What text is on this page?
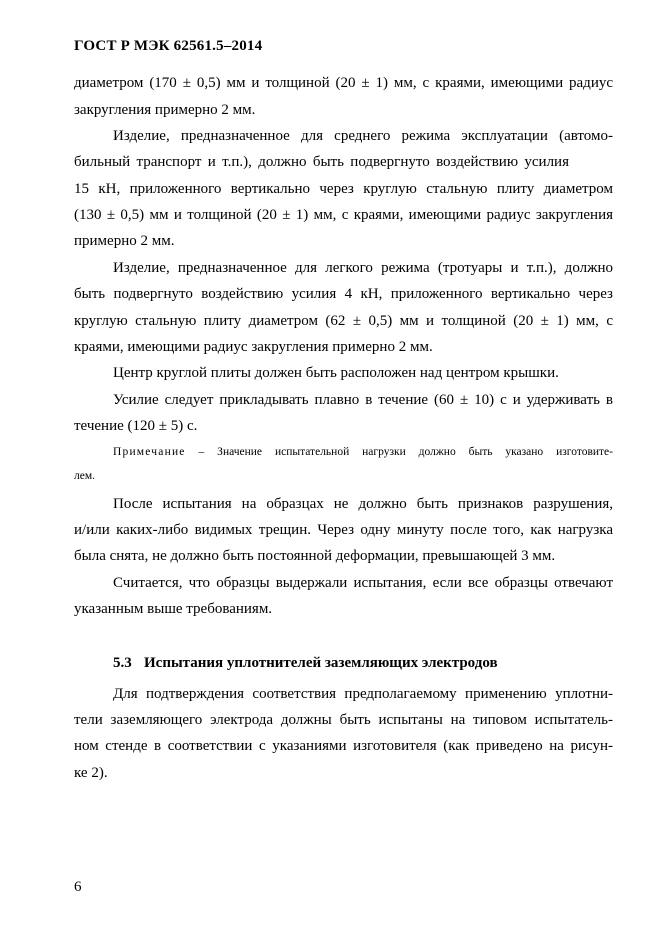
ГОСТ Р МЭК 62561.5–2014
диаметром (170 ± 0,5) мм и толщиной (20 ± 1) мм, с краями, имеющими радиус
закругления примерно 2 мм.
Изделие, предназначенное для среднего режима эксплуатации (автомо-
бильный транспорт и т.п.), должно быть подвергнуто воздействию усилия
15 кН, приложенного вертикально через круглую стальную плиту диаметром
(130 ± 0,5) мм и толщиной (20 ± 1) мм, с краями, имеющими радиус закругления
примерно 2 мм.
Изделие, предназначенное для легкого режима (тротуары и т.п.), должно
быть подвергнуто воздействию усилия 4 кН, приложенного вертикально через
круглую стальную плиту диаметром (62 ± 0,5) мм и толщиной (20 ± 1) мм, с
краями, имеющими радиус закругления примерно 2 мм.
Центр круглой плиты должен быть расположен над центром крышки.
Усилие следует прикладывать плавно в течение (60 ± 10) с и удерживать в
течение (120 ± 5) с.
Примечание – Значение испытательной нагрузки должно быть указано изготовите-
лем.
После испытания на образцах не должно быть признаков разрушения,
и/или каких-либо видимых трещин. Через одну минуту после того, как нагрузка
была снята, не должно быть постоянной деформации, превышающей 3 мм.
Считается, что образцы выдержали испытания, если все образцы отвечают
указанным выше требованиям.
5.3 Испытания уплотнителей заземляющих электродов
Для подтверждения соответствия предполагаемому применению уплотни-
тели заземляющего электрода должны быть испытаны на типовом испытатель-
ном стенде в соответствии с указаниями изготовителя (как приведено на рисун-
ке 2).
6
